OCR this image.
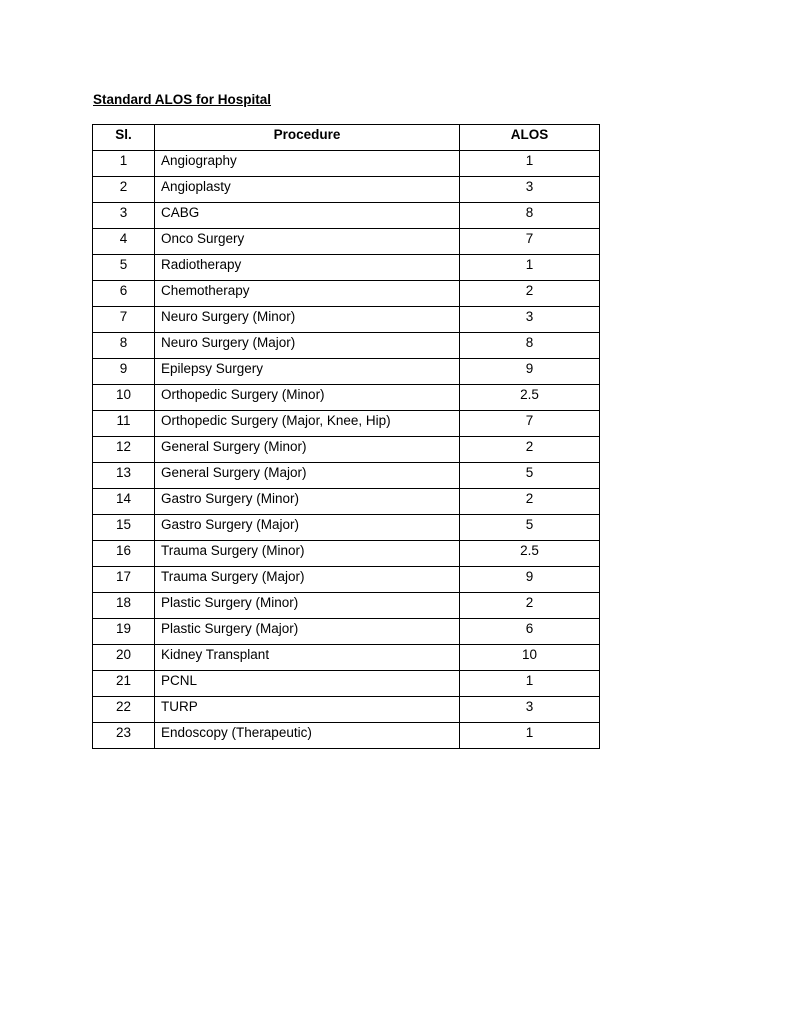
Standard ALOS for Hospital
Sl.	Procedure	ALOS
1	Angiography	1
2	Angioplasty	3
3	CABG	8
4	Onco Surgery	7
5	Radiotherapy	1
6	Chemotherapy	2
7	Neuro Surgery (Minor)	3
8	Neuro Surgery (Major)	8
9	Epilepsy Surgery	9
10	Orthopedic Surgery (Minor)	2.5
11	Orthopedic Surgery (Major, Knee, Hip)	7
12	General Surgery (Minor)	2
13	General Surgery (Major)	5
14	Gastro Surgery (Minor)	2
15	Gastro Surgery (Major)	5
16	Trauma Surgery (Minor)	2.5
17	Trauma Surgery (Major)	9
18	Plastic Surgery (Minor)	2
19	Plastic Surgery (Major)	6
20	Kidney Transplant	10
21	PCNL	1
22	TURP	3
23	Endoscopy (Therapeutic)	1
